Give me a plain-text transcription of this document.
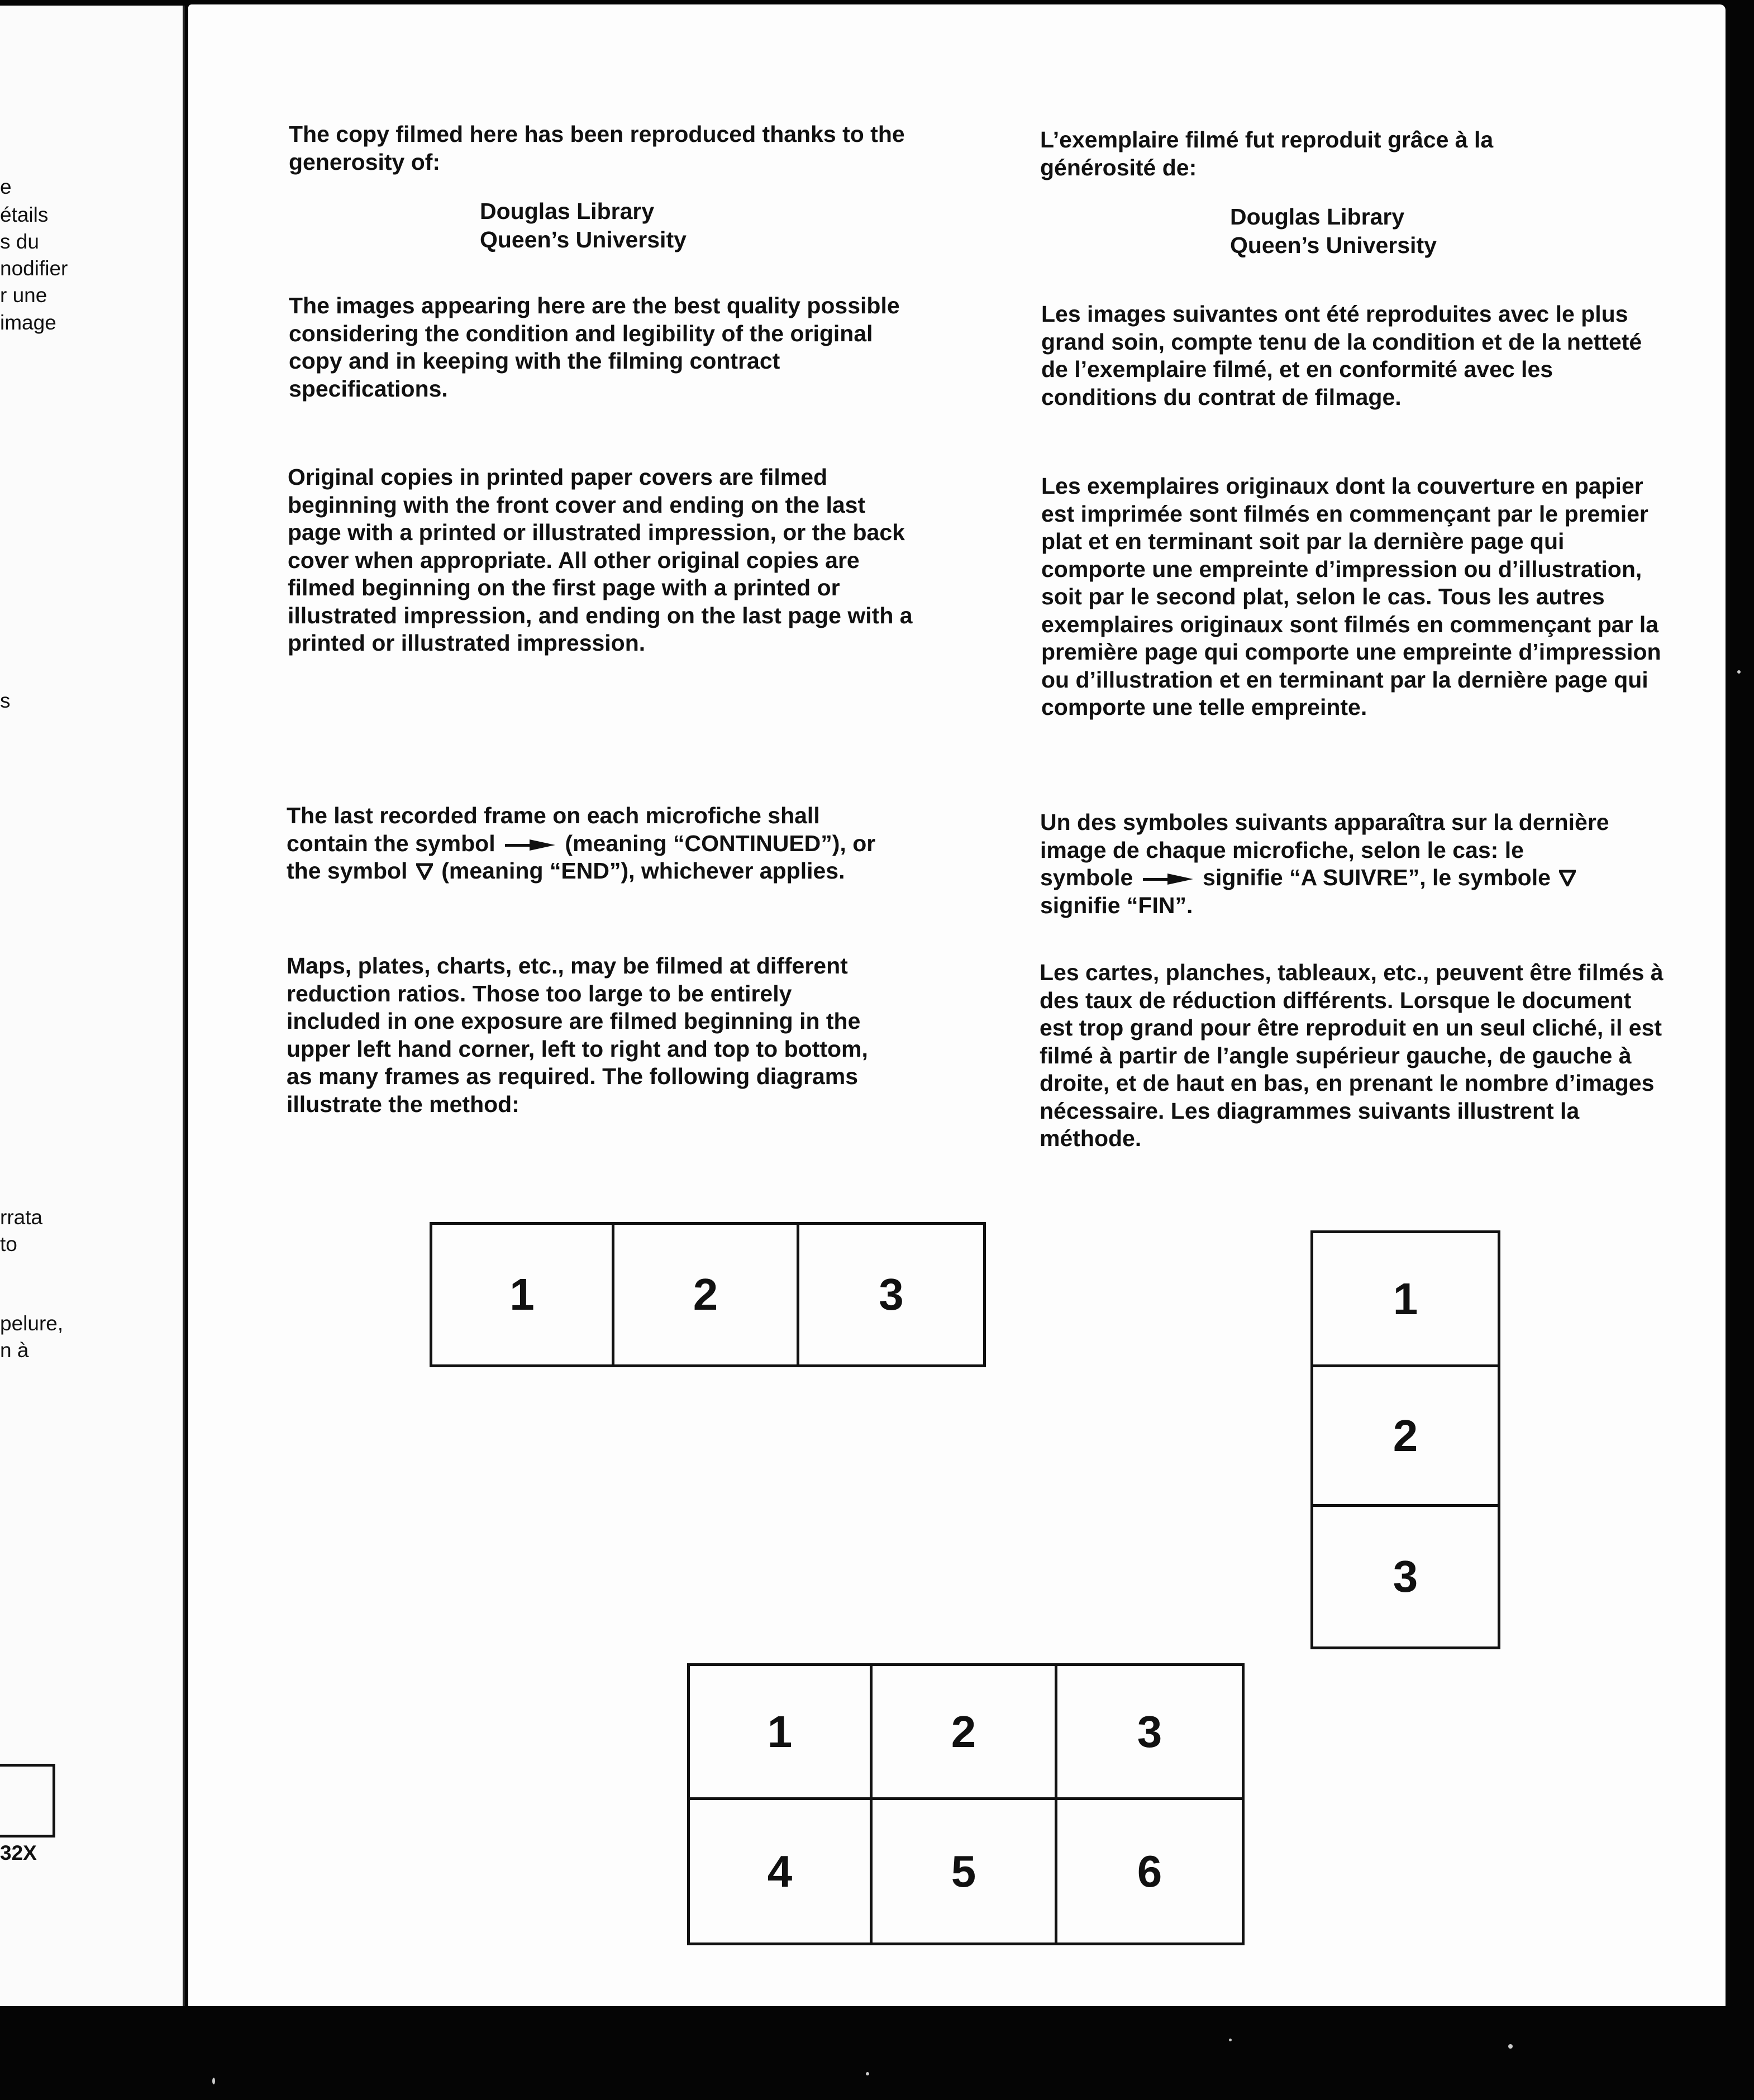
e
étails
s du
nodifier
r une
image
s
rrata
to
pelure,
n à
32X

The copy filmed here has been reproduced thanks to the generosity of:

Douglas Library
Queen’s University

The images appearing here are the best quality possible considering the condition and legibility of the original copy and in keeping with the filming contract specifications.

Original copies in printed paper covers are filmed beginning with the front cover and ending on the last page with a printed or illustrated impression, or the back cover when appropriate. All other original copies are filmed beginning on the first page with a printed or illustrated impression, and ending on the last page with a printed or illustrated impression.

The last recorded frame on each microfiche shall contain the symbol	(meaning “CONTINUED”), or the symbol (meaning “END”), whichever applies.

Maps, plates, charts, etc., may be filmed at different reduction ratios. Those too large to be entirely included in one exposure are filmed beginning in the upper left hand corner, left to right and top to bottom, as many frames as required. The following diagrams illustrate the method:

L’exemplaire filmé fut reproduit grâce à la générosité de:

Douglas Library
Queen’s University

Les images suivantes ont été reproduites avec le plus grand soin, compte tenu de la condition et de la netteté de l’exemplaire filmé, et en conformité avec les conditions du contrat de filmage.

Les exemplaires originaux dont la couverture en papier est imprimée sont filmés en commençant par le premier plat et en terminant soit par la dernière page qui comporte une empreinte d’impression ou d’illustration, soit par le second plat, selon le cas. Tous les autres exemplaires originaux sont filmés en commençant par la première page qui comporte une empreinte d’impression ou d’illustration et en terminant par la dernière page qui comporte une telle empreinte.

Un des symboles suivants apparaîtra sur la dernière image de chaque microfiche, selon le cas: le symbole	signifie “A SUIVRE”, le symbole  signifie “FIN”.

Les cartes, planches, tableaux, etc., peuvent être filmés à des taux de réduction différents. Lorsque le document est trop grand pour être reproduit en un seul cliché, il est filmé à partir de l’angle supérieur gauche, de gauche à droite, et de haut en bas, en prenant le nombre d’images nécessaire. Les diagrammes suivants illustrent la méthode.

1	2	3	1
2
3
1	2	3
4	5	6
